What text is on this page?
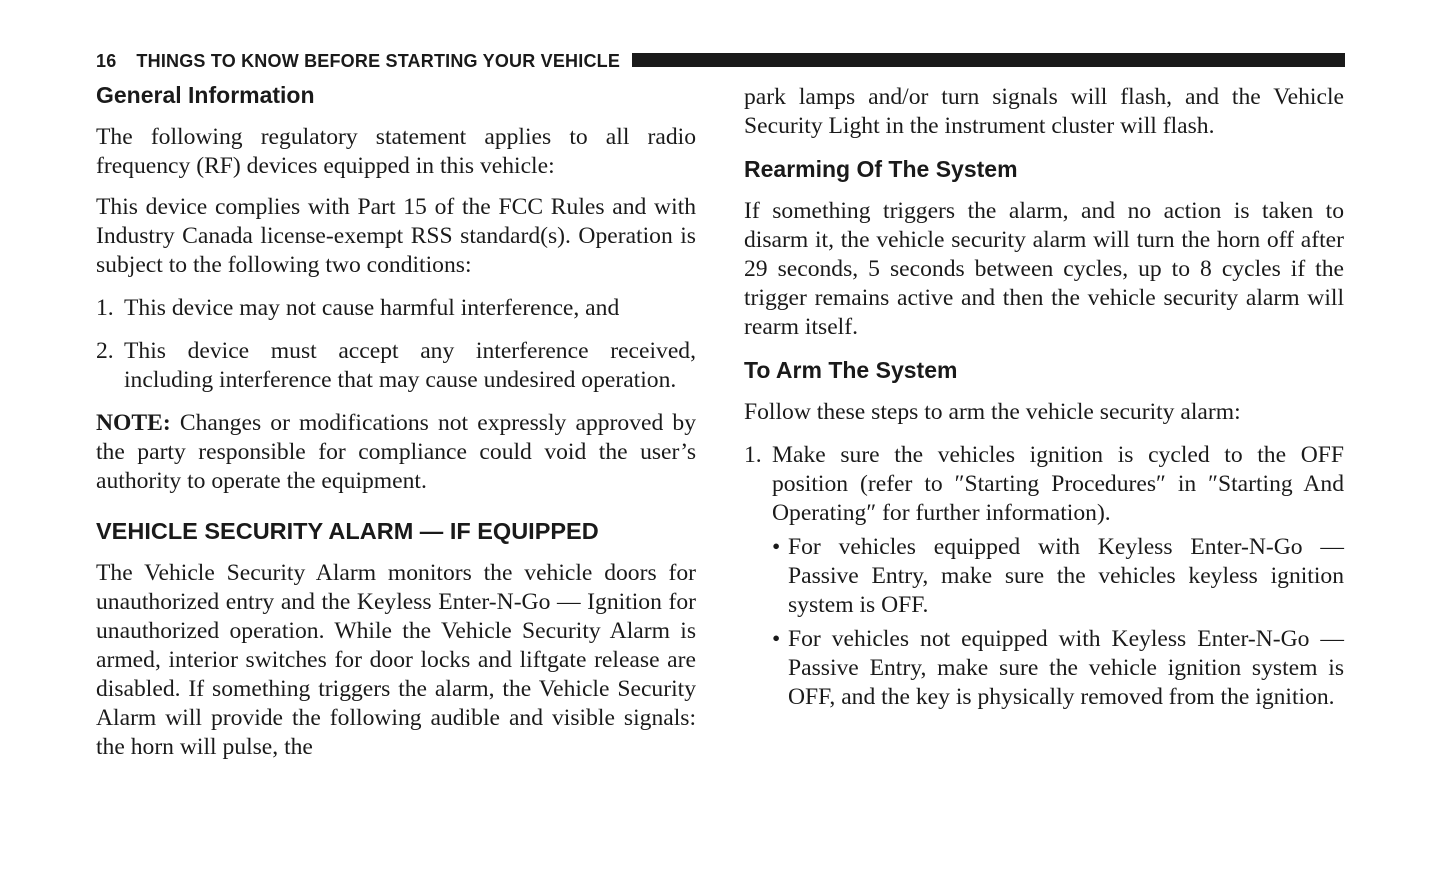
16 THINGS TO KNOW BEFORE STARTING YOUR VEHICLE
General Information

The following regulatory statement applies to all radio frequency (RF) devices equipped in this vehicle:

This device complies with Part 15 of the FCC Rules and with Industry Canada license-exempt RSS standard(s). Operation is subject to the following two conditions:

1. This device may not cause harmful interference, and
2. This device must accept any interference received, including interference that may cause undesired operation.

NOTE: Changes or modifications not expressly approved by the party responsible for compliance could void the user’s authority to operate the equipment.

VEHICLE SECURITY ALARM — IF EQUIPPED

The Vehicle Security Alarm monitors the vehicle doors for unauthorized entry and the Keyless Enter-N-Go — Ignition for unauthorized operation. While the Vehicle Security Alarm is armed, interior switches for door locks and liftgate release are disabled. If something triggers the alarm, the Vehicle Security Alarm will provide the following audible and visible signals: the horn will pulse, the

park lamps and/or turn signals will flash, and the Vehicle Security Light in the instrument cluster will flash.

Rearming Of The System

If something triggers the alarm, and no action is taken to disarm it, the vehicle security alarm will turn the horn off after 29 seconds, 5 seconds between cycles, up to 8 cycles if the trigger remains active and then the vehicle security alarm will rearm itself.

To Arm The System

Follow these steps to arm the vehicle security alarm:

1. Make sure the vehicles ignition is cycled to the OFF position (refer to ″Starting Procedures″ in ″Starting And Operating″ for further information).
• For vehicles equipped with Keyless Enter-N-Go — Passive Entry, make sure the vehicles keyless ignition system is OFF.
• For vehicles not equipped with Keyless Enter-N-Go — Passive Entry, make sure the vehicle ignition system is OFF, and the key is physically removed from the ignition.
